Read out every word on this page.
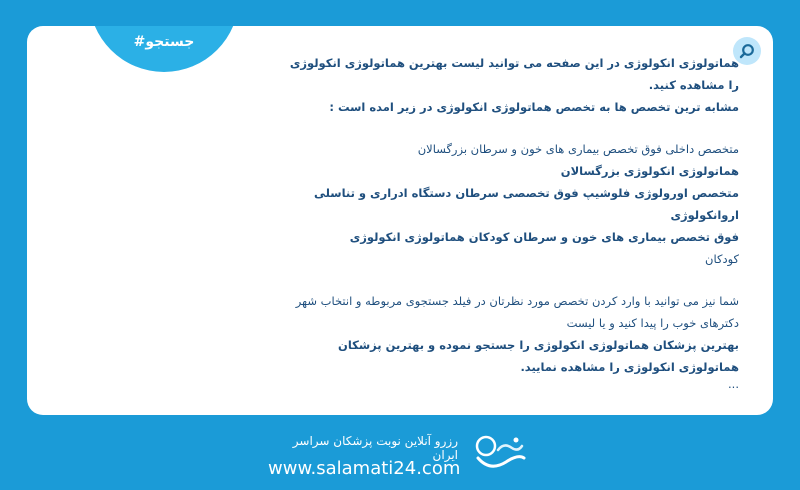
#جستجو

هماتولوژی انکولوژی در این صفحه می توانید لیست بهترین هماتولوژی انکولوژی را مشاهده کنید.

مشابه ترین تخصص ها به تخصص هماتولوژی انکولوژی در زیر امده است :

متخصص داخلی فوق تخصص بیماری های خون و سرطان بزرگسالان

هماتولوژی انکولوژی بزرگسالان

متخصص اورولوژی فلوشیپ فوق تخصصی سرطان دستگاه ادراری و تناسلی اروانکولوژی

فوق تخصص بیماری های خون و سرطان کودکان هماتولوژی انکولوژی

کودکان

شما نیز می توانید با وارد کردن تخصص مورد نظرتان در فیلد جستجوی مربوطه و انتخاب شهر دکترهای خوب را پیدا کنید و یا لیست

بهترین پزشکان هماتولوژی انکولوژی را جستجو نموده و بهترین پزشکان هماتولوژی انکولوژی را مشاهده نمایید.

...

رزرو آنلاین نوبت پزشکان سراسر ایران
www.salamati24.com
